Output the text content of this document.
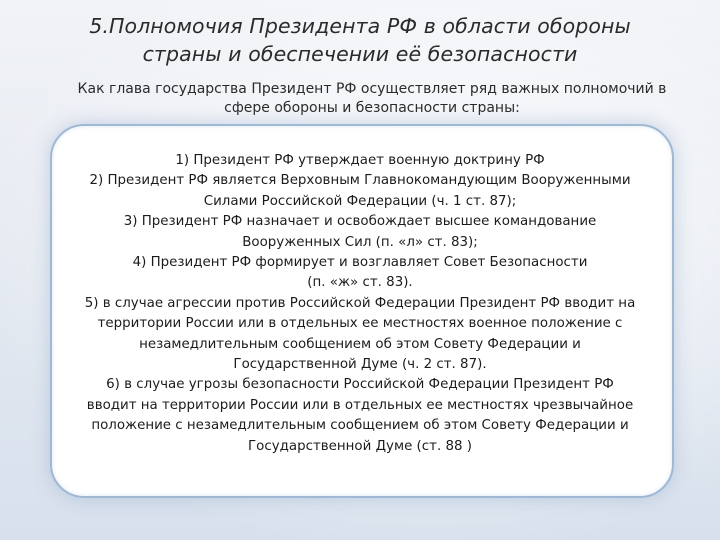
5.Полномочия Президента РФ в области обороны
страны и обеспечении её безопасности
Как глава государства Президент РФ осуществляет ряд важных полномочий в
сфере обороны и безопасности страны:
1) Президент РФ утверждает военную доктрину РФ
2) Президент РФ является Верховным Главнокомандующим Вооруженными
Силами Российской Федерации (ч. 1 ст. 87);
3) Президент РФ назначает и освобождает высшее командование
Вооруженных Сил (п. «л» ст. 83);
4) Президент РФ формирует и возглавляет Совет Безопасности
(п. «ж» ст. 83).
5) в случае агрессии против Российской Федерации Президент РФ вводит на
территории России или в отдельных ее местностях военное положение с
незамедлительным сообщением об этом Совету Федерации и
Государственной Думе (ч. 2 ст. 87).
6) в случае угрозы безопасности Российской Федерации Президент РФ
вводит на территории России или в отдельных ее местностях чрезвычайное
положение с незамедлительным сообщением об этом Совету Федерации и
Государственной Думе (ст. 88 )
